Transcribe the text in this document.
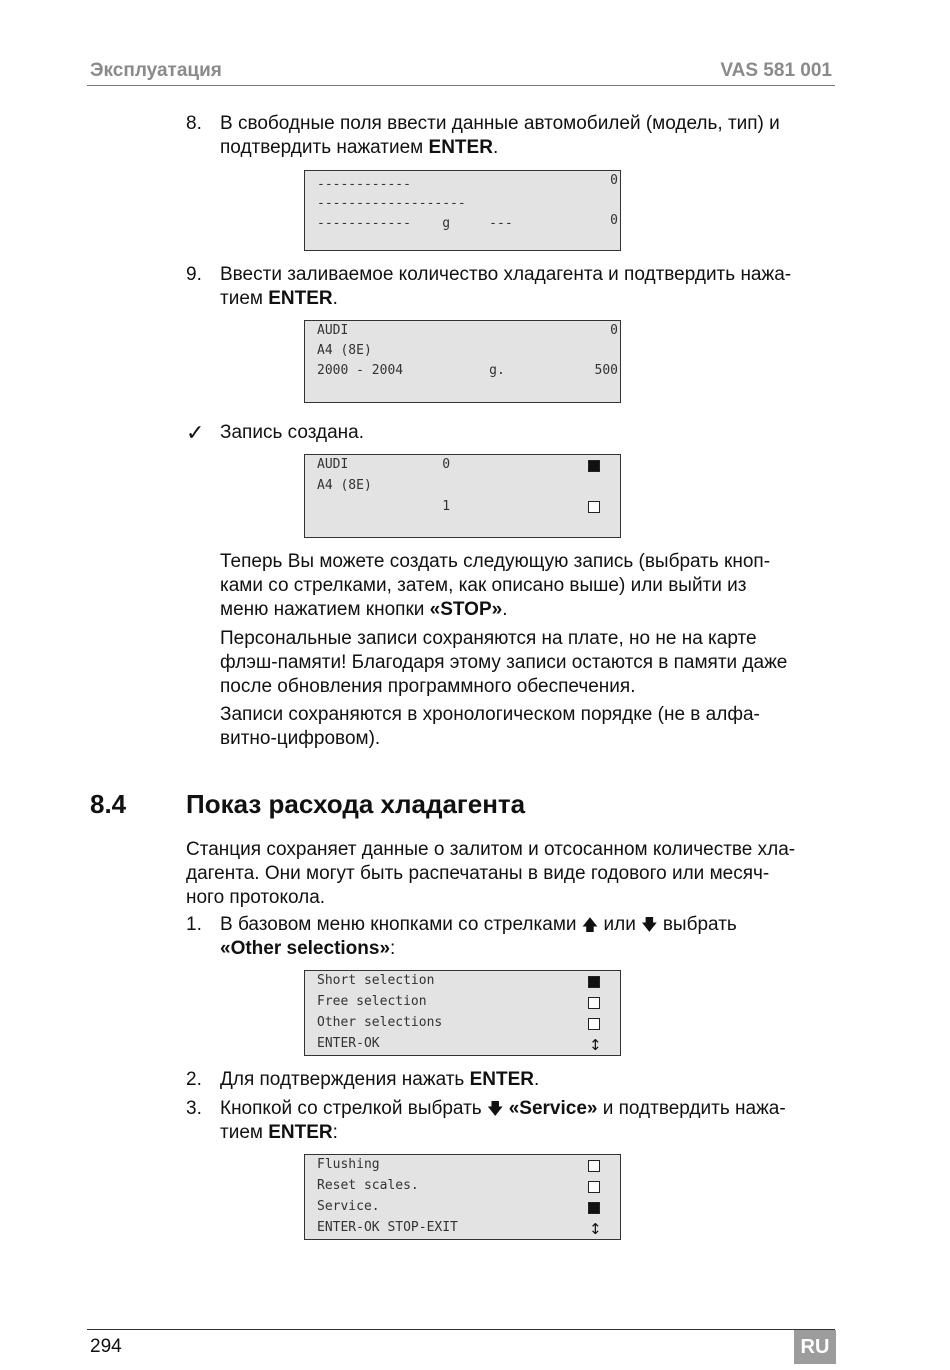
Эксплуатация	VAS 581 001
8. В свободные поля ввести данные автомобилей (модель, тип) и
подтвердить нажатием ENTER.
------------	0
-------------------
------------    g     ---	0
9. Ввести заливаемое количество хладагента и подтвердить нажа-
тием ENTER.
AUDI	0
A4 (8E)
2000 - 2004           g.	500
✓ Запись создана.
AUDI            0
A4 (8E)
1
Теперь Вы можете создать следующую запись (выбрать кноп-
ками со стрелками, затем, как описано выше) или выйти из
меню нажатием кнопки «STOP».
Персональные записи сохраняются на плате, но не на карте
флэш-памяти! Благодаря этому записи остаются в памяти даже
после обновления программного обеспечения.
Записи сохраняются в хронологическом порядке (не в алфа-
витно-цифровом).
8.4 Показ расхода хладагента
Станция сохраняет данные о залитом и отсосанном количестве хла-
дагента. Они могут быть распечатаны в виде годового или месяч-
ного протокола.
1. В базовом меню кнопками со стрелками 🡅 или 🡇 выбрать
«Other selections»:
Short selection
Free selection
Other selections
ENTER-OK	↕
2. Для подтверждения нажать ENTER.
3. Кнопкой со стрелкой выбрать 🡇 «Service» и подтвердить нажа-
тием ENTER:
Flushing
Reset scales.
Service.
ENTER-OK STOP-EXIT	↕
294	RU
